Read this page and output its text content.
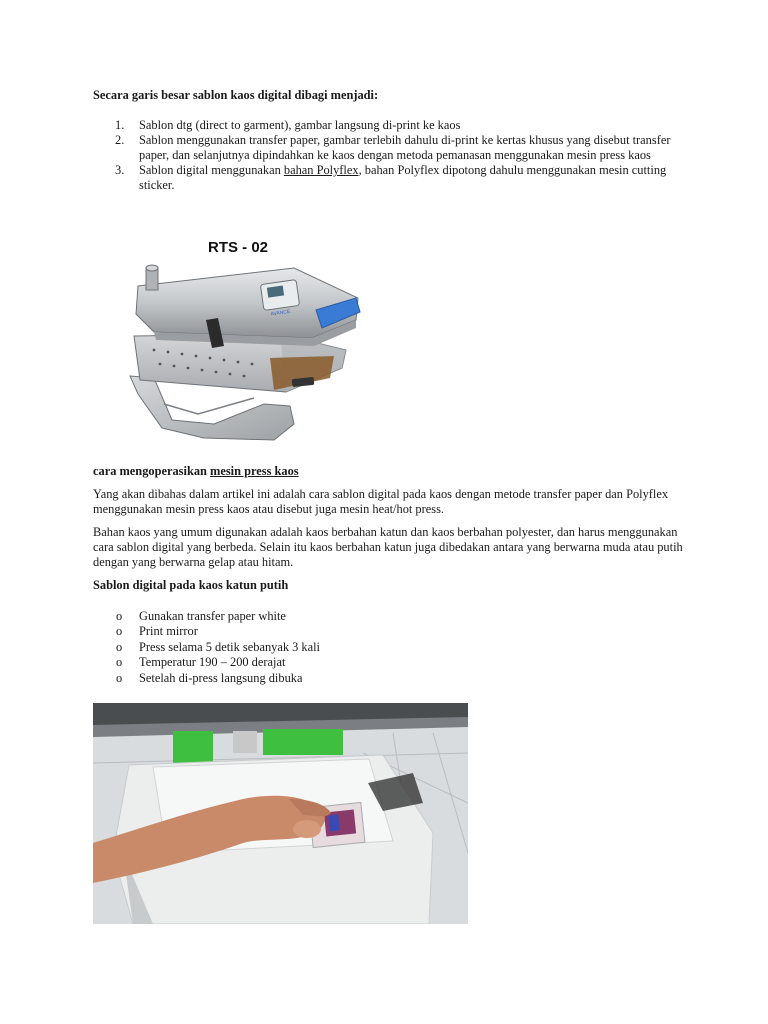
Secara garis besar sablon kaos digital dibagi menjadi:
1.	Sablon dtg (direct to garment), gambar langsung di-print ke kaos
2.	Sablon menggunakan transfer paper, gambar terlebih dahulu di-print ke kertas khusus yang disebut transfer paper, dan selanjutnya dipindahkan ke kaos dengan metoda pemanasan menggunakan mesin press kaos
3.	Sablon digital menggunakan bahan Polyflex, bahan Polyflex dipotong dahulu menggunakan mesin cutting sticker.
RTS - 02
AVANCE
cara mengoperasikan mesin press kaos

Yang akan dibahas dalam artikel ini adalah cara sablon digital pada kaos dengan metode transfer paper dan Polyflex menggunakan mesin press kaos atau disebut juga mesin heat/hot press.

Bahan kaos yang umum digunakan adalah kaos berbahan katun dan kaos berbahan polyester, dan harus menggunakan cara sablon digital yang berbeda. Selain itu kaos berbahan katun juga dibedakan antara yang berwarna muda atau putih dengan yang berwarna gelap atau hitam.

Sablon digital pada kaos katun putih
o	Gunakan transfer paper white
o	Print mirror
o	Press selama 5 detik sebanyak 3 kali
o	Temperatur 190 – 200 derajat
o	Setelah di-press langsung dibuka
